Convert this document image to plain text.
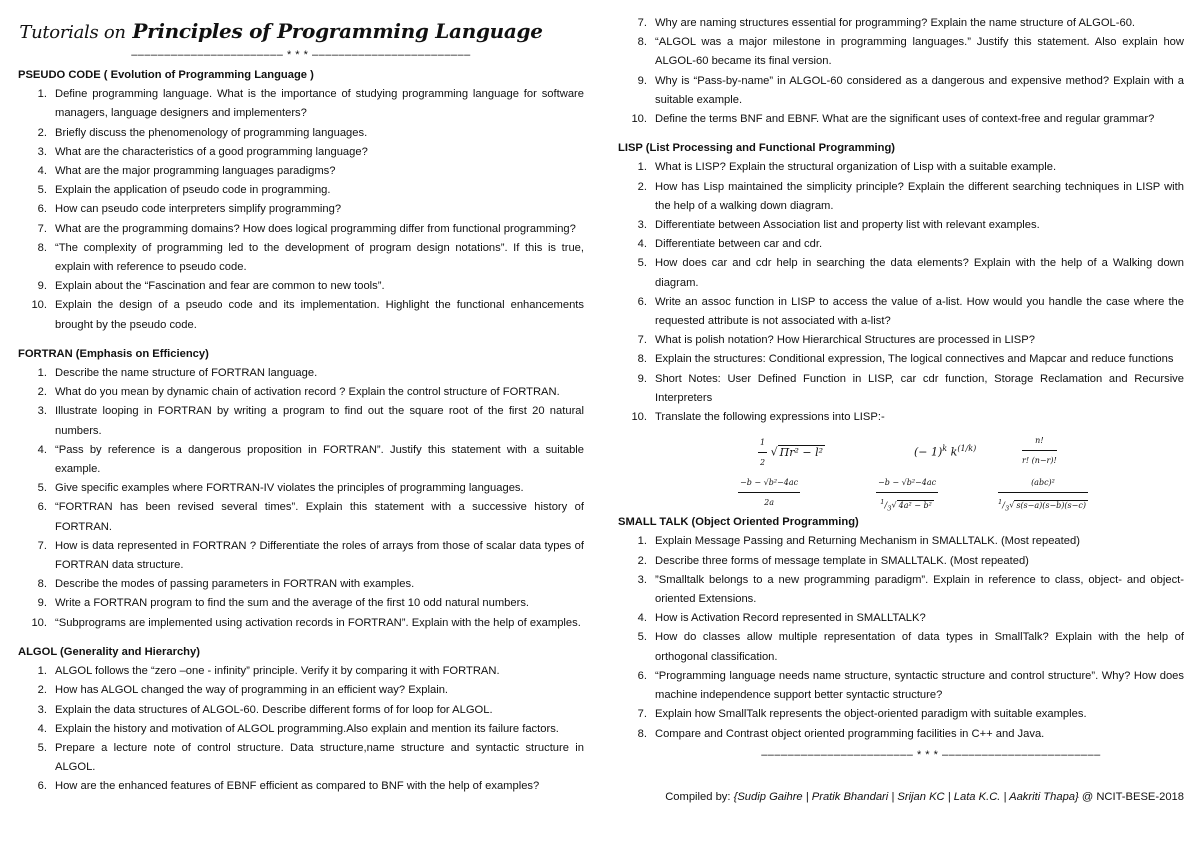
Tutorials on Principles of Programming Language
––––––––––––––––––––––– * * * ––––––––––––––––––––––––
PSEUDO CODE ( Evolution of Programming Language )
1. Define programming language. What is the importance of studying programming language for software managers, language designers and implementers?
2. Briefly discuss the phenomenology of programming languages.
3. What are the characteristics of a good programming language?
4. What are the major programming languages paradigms?
5. Explain the application of pseudo code in programming.
6. How can pseudo code interpreters simplify programming?
7. What are the programming domains? How does logical programming differ from functional programming?
8. “The complexity of programming led to the development of program design notations”. If this is true, explain with reference to pseudo code.
9. Explain about the “Fascination and fear are common to new tools”.
10. Explain the design of a pseudo code and its implementation. Highlight the functional enhancements brought by the pseudo code.
FORTRAN (Emphasis on Efficiency)
1. Describe the name structure of FORTRAN language.
2. What do you mean by dynamic chain of activation record ? Explain the control structure of FORTRAN.
3. Illustrate looping in FORTRAN by writing a program to find out the square root of the first 20 natural numbers.
4. “Pass by reference is a dangerous proposition in FORTRAN”. Justify this statement with a suitable example.
5. Give specific examples where FORTRAN-IV violates the principles of programming languages.
6. “FORTRAN has been revised several times”. Explain this statement with a successive history of FORTRAN.
7. How is data represented in FORTRAN ? Differentiate the roles of arrays from those of scalar data types of FORTRAN data structure.
8. Describe the modes of passing parameters in FORTRAN with examples.
9. Write a FORTRAN program to find the sum and the average of the first 10 odd natural numbers.
10. “Subprograms are implemented using activation records in FORTRAN”. Explain with the help of examples.
ALGOL (Generality and Hierarchy)
1. ALGOL follows the “zero –one - infinity” principle. Verify it by comparing it with FORTRAN.
2. How has ALGOL changed the way of programming in an efficient way? Explain.
3. Explain the data structures of ALGOL-60. Describe different forms of for loop for ALGOL.
4. Explain the history and motivation of ALGOL programming.Also explain and mention its failure factors.
5. Prepare a lecture note of control structure. Data structure,name structure and syntactic structure in ALGOL.
6. How are the enhanced features of EBNF efficient as compared to BNF with the help of examples?
7. Why are naming structures essential for programming? Explain the name structure of ALGOL-60.
8. “ALGOL was a major milestone in programming languages.” Justify this statement. Also explain how ALGOL-60 became its final version.
9. Why is “Pass-by-name” in ALGOL-60 considered as a dangerous and expensive method? Explain with a suitable example.
10. Define the terms BNF and EBNF. What are the significant uses of context-free and regular grammar?
LISP (List Processing and Functional Programming)
1. What is LISP? Explain the structural organization of Lisp with a suitable example.
2. How has Lisp maintained the simplicity principle? Explain the different searching techniques in LISP with the help of a walking down diagram.
3. Differentiate between Association list and property list with relevant examples.
4. Differentiate between car and cdr.
5. How does car and cdr help in searching the data elements? Explain with the help of a Walking down diagram.
6. Write an assoc function in LISP to access the value of a-list. How would you handle the case where the requested attribute is not associated with a-list?
7. What is polish notation? How Hierarchical Structures are processed in LISP?
8. Explain the structures: Conditional expression, The logical connectives and Mapcar and reduce functions
9. Short Notes: User Defined Function in LISP, car cdr function, Storage Reclamation and Recursive Interpreters
10. Translate the following expressions into LISP:-
$\frac{1}{2}$ √ Πr² − l²	(− 1)$^k$ $k^{(1/k)}$	$\frac{n!}{r! (n-r)!}$
$\frac{\text{−b − √b²−4ac}}{2a}$	$\frac{\text{−b − √b²−4ac}}{^1/_3√ 4a^2 - b^2}$	$\frac{\text{(abc)²}}{^1/_3√ s(s-a)(s-b)(s-c)}$
SMALL TALK (Object Oriented Programming)
1. Explain Message Passing and Returning Mechanism in SMALLTALK. (Most repeated)
2. Describe three forms of message template in SMALLTALK. (Most repeated)
3. ”Smalltalk belongs to a new programming paradigm”. Explain in reference to class, object- and object-oriented Extensions.
4. How is Activation Record represented in SMALLTALK?
5. How do classes allow multiple representation of data types in SmallTalk? Explain with the help of orthogonal classification.
6. “Programming language needs name structure, syntactic structure and control structure”. Why? How does machine independence support better syntactic structure?
7. Explain how SmallTalk represents the object-oriented paradigm with suitable examples.
8. Compare and Contrast object oriented programming facilities in C++ and Java.
––––––––––––––––––––––– * * * ––––––––––––––––––––––––
Compiled by: {Sudip Gaihre | Pratik Bhandari | Srijan KC | Lata K.C. | Aakriti Thapa} @ NCIT-BESE-2018
